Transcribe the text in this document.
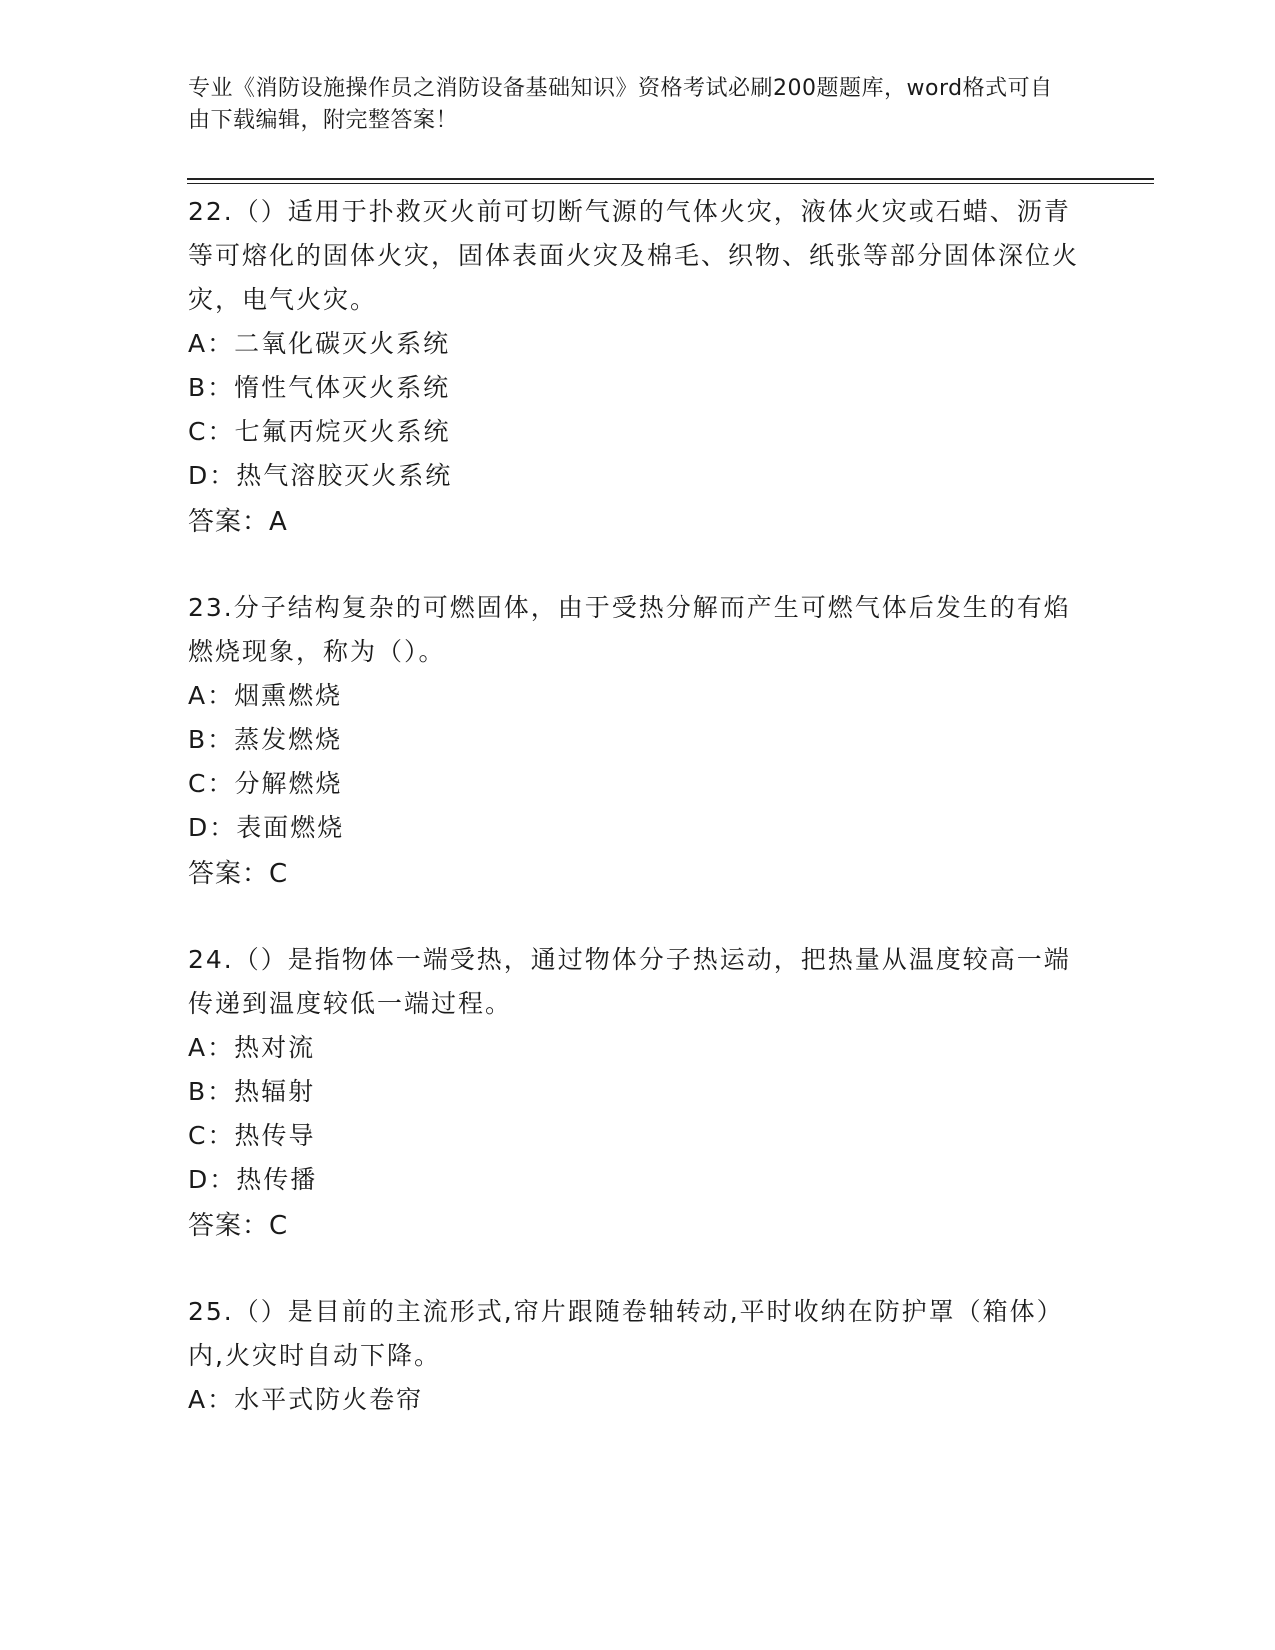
专业《消防设施操作员之消防设备基础知识》资格考试必刷200题题库，word格式可自由下载编辑，附完整答案！

22.（）适用于扑救灭火前可切断气源的气体火灾，液体火灾或石蜡、沥青等可熔化的固体火灾，固体表面火灾及棉毛、织物、纸张等部分固体深位火灾，电气火灾。

A：二氧化碳灭火系统
B：惰性气体灭火系统
C：七氟丙烷灭火系统
D：热气溶胶灭火系统
答案：A

23.分子结构复杂的可燃固体，由于受热分解而产生可燃气体后发生的有焰燃烧现象，称为（）。

A：烟熏燃烧
B：蒸发燃烧
C：分解燃烧
D：表面燃烧
答案：C

24.（）是指物体一端受热，通过物体分子热运动，把热量从温度较高一端传递到温度较低一端过程。

A：热对流
B：热辐射
C：热传导
D：热传播
答案：C

25.（）是目前的主流形式,帘片跟随卷轴转动,平时收纳在防护罩（箱体）内,火灾时自动下降。

A：水平式防火卷帘
